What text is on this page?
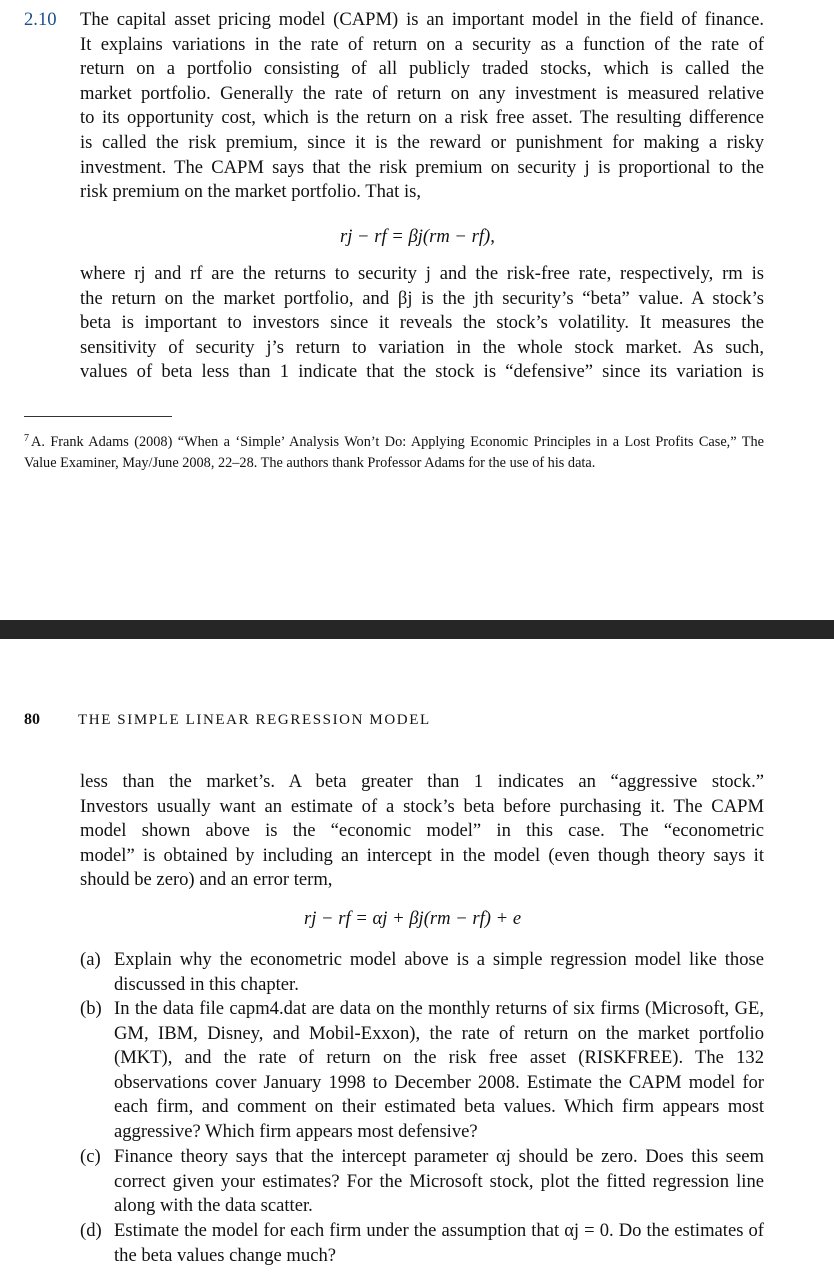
2.10 The capital asset pricing model (CAPM) is an important model in the field of finance.
It explains variations in the rate of return on a security as a function of the rate of
return on a portfolio consisting of all publicly traded stocks, which is called the
market portfolio. Generally the rate of return on any investment is measured relative
to its opportunity cost, which is the return on a risk free asset. The resulting difference
is called the risk premium, since it is the reward or punishment for making a risky
investment. The CAPM says that the risk premium on security j is proportional to the
risk premium on the market portfolio. That is,
rj − rf = βj(rm − rf),
where rj and rf are the returns to security j and the risk-free rate, respectively, rm is
the return on the market portfolio, and βj is the jth security’s “beta” value. A stock’s
beta is important to investors since it reveals the stock’s volatility. It measures the
sensitivity of security j’s return to variation in the whole stock market. As such,
values of beta less than 1 indicate that the stock is “defensive” since its variation is
$^7$ A. Frank Adams (2008) “When a ‘Simple’ Analysis Won’t Do: Applying Economic Principles in a Lost Profits Case,” The Value Examiner, May/June 2008, 22–28. The authors thank Professor Adams for the use of his data.
80	THE SIMPLE LINEAR REGRESSION MODEL
less than the market’s. A beta greater than 1 indicates an “aggressive stock.”
Investors usually want an estimate of a stock’s beta before purchasing it. The CAPM
model shown above is the “economic model” in this case. The “econometric
model” is obtained by including an intercept in the model (even though theory says it
should be zero) and an error term,
rj − rf = αj + βj(rm − rf) + e
(a) Explain why the econometric model above is a simple regression model like those discussed in this chapter.
(b) In the data file capm4.dat are data on the monthly returns of six firms (Microsoft, GE, GM, IBM, Disney, and Mobil-Exxon), the rate of return on the market portfolio (MKT), and the rate of return on the risk free asset (RISKFREE). The 132 observations cover January 1998 to December 2008. Estimate the CAPM model for each firm, and comment on their estimated beta values. Which firm appears most aggressive? Which firm appears most defensive?
(c) Finance theory says that the intercept parameter αj should be zero. Does this seem correct given your estimates? For the Microsoft stock, plot the fitted regression line along with the data scatter.
(d) Estimate the model for each firm under the assumption that αj = 0. Do the estimates of the beta values change much?
